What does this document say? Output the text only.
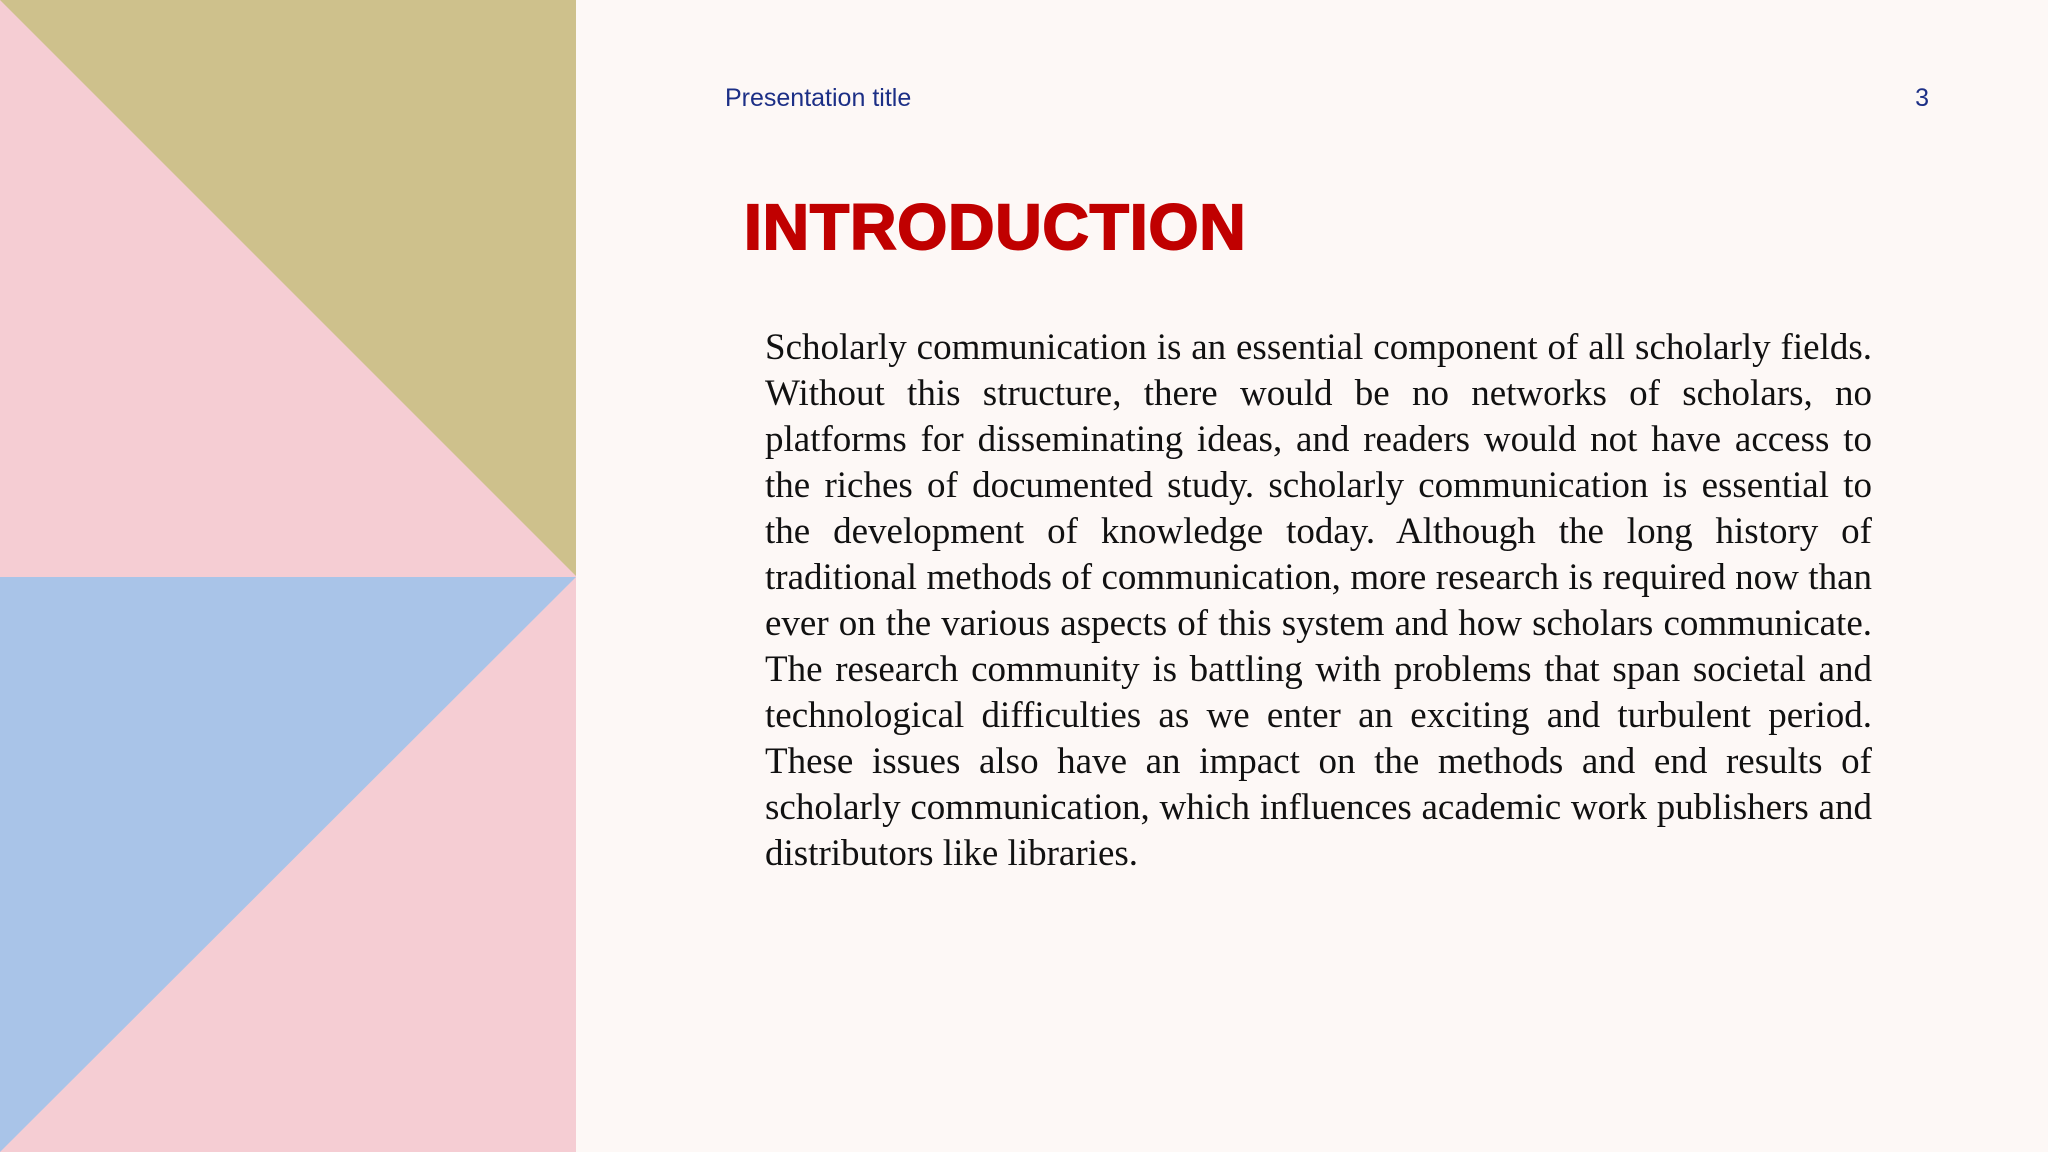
Presentation title	3
INTRODUCTION

Scholarly communication is an essential component of all scholarly fields. Without this structure, there would be no networks of scholars, no platforms for disseminating ideas, and readers would not have access to the riches of documented study. scholarly communication is essential to the development of knowledge today. Although the long history of traditional methods of communication, more research is required now than ever on the various aspects of this system and how scholars communicate. The research community is battling with problems that span societal and technological difficulties as we enter an exciting and turbulent period. These issues also have an impact on the methods and end results of scholarly communication, which influences academic work publishers and distributors like libraries.
